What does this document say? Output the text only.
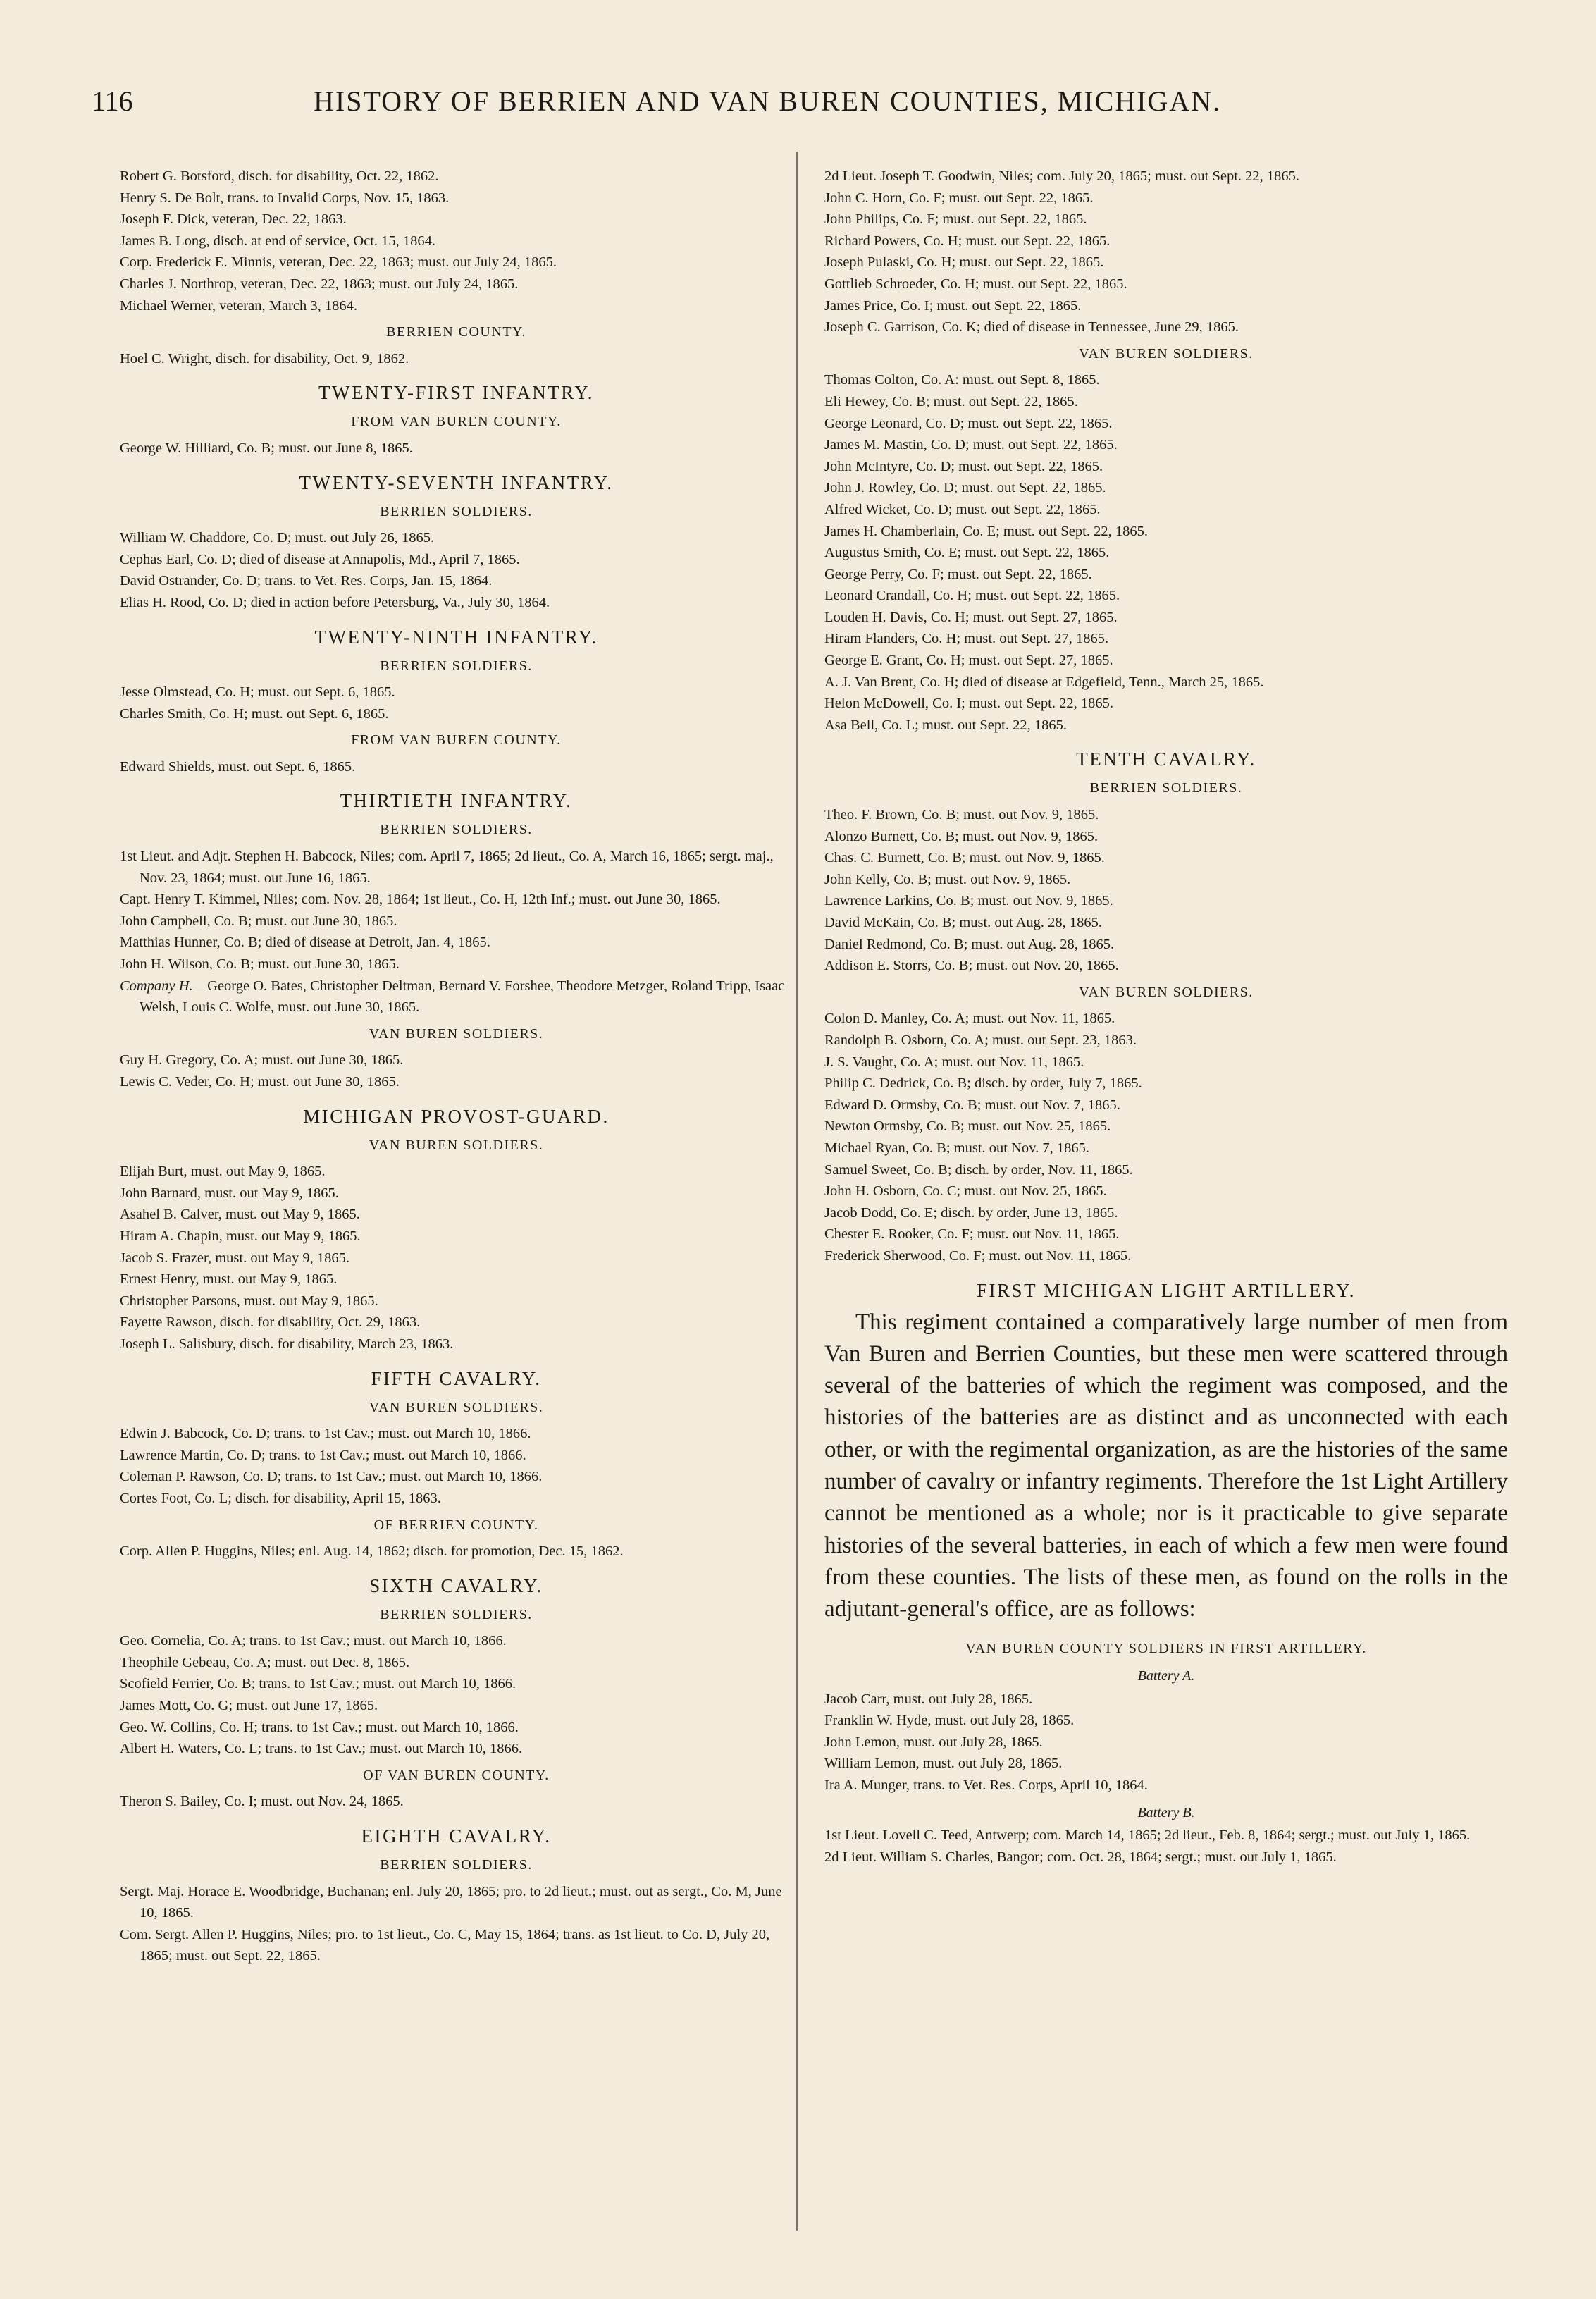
116	HISTORY OF BERRIEN AND VAN BUREN COUNTIES, MICHIGAN.

Robert G. Botsford, disch. for disability, Oct. 22, 1862.

Henry S. De Bolt, trans. to Invalid Corps, Nov. 15, 1863.

Joseph F. Dick, veteran, Dec. 22, 1863.

James B. Long, disch. at end of service, Oct. 15, 1864.

Corp. Frederick E. Minnis, veteran, Dec. 22, 1863; must. out July 24, 1865.

Charles J. Northrop, veteran, Dec. 22, 1863; must. out July 24, 1865.

Michael Werner, veteran, March 3, 1864.

BERRIEN COUNTY.

Hoel C. Wright, disch. for disability, Oct. 9, 1862.

TWENTY-FIRST INFANTRY.
FROM VAN BUREN COUNTY.

George W. Hilliard, Co. B; must. out June 8, 1865.

TWENTY-SEVENTH INFANTRY.
BERRIEN SOLDIERS.

William W. Chaddore, Co. D; must. out July 26, 1865.

Cephas Earl, Co. D; died of disease at Annapolis, Md., April 7, 1865.

David Ostrander, Co. D; trans. to Vet. Res. Corps, Jan. 15, 1864.

Elias H. Rood, Co. D; died in action before Petersburg, Va., July 30, 1864.

TWENTY-NINTH INFANTRY.
BERRIEN SOLDIERS.

Jesse Olmstead, Co. H; must. out Sept. 6, 1865.

Charles Smith, Co. H; must. out Sept. 6, 1865.

FROM VAN BUREN COUNTY.

Edward Shields, must. out Sept. 6, 1865.

THIRTIETH INFANTRY.
BERRIEN SOLDIERS.

1st Lieut. and Adjt. Stephen H. Babcock, Niles; com. April 7, 1865; 2d lieut., Co. A, March 16, 1865; sergt. maj., Nov. 23, 1864; must. out June 16, 1865.

Capt. Henry T. Kimmel, Niles; com. Nov. 28, 1864; 1st lieut., Co. H, 12th Inf.; must. out June 30, 1865.

John Campbell, Co. B; must. out June 30, 1865.

Matthias Hunner, Co. B; died of disease at Detroit, Jan. 4, 1865.

John H. Wilson, Co. B; must. out June 30, 1865.

Company H.—George O. Bates, Christopher Deltman, Bernard V. Forshee, Theodore Metzger, Roland Tripp, Isaac Welsh, Louis C. Wolfe, must. out June 30, 1865.

VAN BUREN SOLDIERS.

Guy H. Gregory, Co. A; must. out June 30, 1865.

Lewis C. Veder, Co. H; must. out June 30, 1865.

MICHIGAN PROVOST-GUARD.
VAN BUREN SOLDIERS.

Elijah Burt, must. out May 9, 1865.

John Barnard, must. out May 9, 1865.

Asahel B. Calver, must. out May 9, 1865.

Hiram A. Chapin, must. out May 9, 1865.

Jacob S. Frazer, must. out May 9, 1865.

Ernest Henry, must. out May 9, 1865.

Christopher Parsons, must. out May 9, 1865.

Fayette Rawson, disch. for disability, Oct. 29, 1863.

Joseph L. Salisbury, disch. for disability, March 23, 1863.

FIFTH CAVALRY.
VAN BUREN SOLDIERS.

Edwin J. Babcock, Co. D; trans. to 1st Cav.; must. out March 10, 1866.

Lawrence Martin, Co. D; trans. to 1st Cav.; must. out March 10, 1866.

Coleman P. Rawson, Co. D; trans. to 1st Cav.; must. out March 10, 1866.

Cortes Foot, Co. L; disch. for disability, April 15, 1863.

OF BERRIEN COUNTY.

Corp. Allen P. Huggins, Niles; enl. Aug. 14, 1862; disch. for promotion, Dec. 15, 1862.

SIXTH CAVALRY.
BERRIEN SOLDIERS.

Geo. Cornelia, Co. A; trans. to 1st Cav.; must. out March 10, 1866.

Theophile Gebeau, Co. A; must. out Dec. 8, 1865.

Scofield Ferrier, Co. B; trans. to 1st Cav.; must. out March 10, 1866.

James Mott, Co. G; must. out June 17, 1865.

Geo. W. Collins, Co. H; trans. to 1st Cav.; must. out March 10, 1866.

Albert H. Waters, Co. L; trans. to 1st Cav.; must. out March 10, 1866.

OF VAN BUREN COUNTY.

Theron S. Bailey, Co. I; must. out Nov. 24, 1865.

EIGHTH CAVALRY.
BERRIEN SOLDIERS.

Sergt. Maj. Horace E. Woodbridge, Buchanan; enl. July 20, 1865; pro. to 2d lieut.; must. out as sergt., Co. M, June 10, 1865.

Com. Sergt. Allen P. Huggins, Niles; pro. to 1st lieut., Co. C, May 15, 1864; trans. as 1st lieut. to Co. D, July 20, 1865; must. out Sept. 22, 1865.

2d Lieut. Joseph T. Goodwin, Niles; com. July 20, 1865; must. out Sept. 22, 1865.

John C. Horn, Co. F; must. out Sept. 22, 1865.

John Philips, Co. F; must. out Sept. 22, 1865.

Richard Powers, Co. H; must. out Sept. 22, 1865.

Joseph Pulaski, Co. H; must. out Sept. 22, 1865.

Gottlieb Schroeder, Co. H; must. out Sept. 22, 1865.

James Price, Co. I; must. out Sept. 22, 1865.

Joseph C. Garrison, Co. K; died of disease in Tennessee, June 29, 1865.

VAN BUREN SOLDIERS.

Thomas Colton, Co. A: must. out Sept. 8, 1865.

Eli Hewey, Co. B; must. out Sept. 22, 1865.

George Leonard, Co. D; must. out Sept. 22, 1865.

James M. Mastin, Co. D; must. out Sept. 22, 1865.

John McIntyre, Co. D; must. out Sept. 22, 1865.

John J. Rowley, Co. D; must. out Sept. 22, 1865.

Alfred Wicket, Co. D; must. out Sept. 22, 1865.

James H. Chamberlain, Co. E; must. out Sept. 22, 1865.

Augustus Smith, Co. E; must. out Sept. 22, 1865.

George Perry, Co. F; must. out Sept. 22, 1865.

Leonard Crandall, Co. H; must. out Sept. 22, 1865.

Louden H. Davis, Co. H; must. out Sept. 27, 1865.

Hiram Flanders, Co. H; must. out Sept. 27, 1865.

George E. Grant, Co. H; must. out Sept. 27, 1865.

A. J. Van Brent, Co. H; died of disease at Edgefield, Tenn., March 25, 1865.

Helon McDowell, Co. I; must. out Sept. 22, 1865.

Asa Bell, Co. L; must. out Sept. 22, 1865.

TENTH CAVALRY.
BERRIEN SOLDIERS.

Theo. F. Brown, Co. B; must. out Nov. 9, 1865.

Alonzo Burnett, Co. B; must. out Nov. 9, 1865.

Chas. C. Burnett, Co. B; must. out Nov. 9, 1865.

John Kelly, Co. B; must. out Nov. 9, 1865.

Lawrence Larkins, Co. B; must. out Nov. 9, 1865.

David McKain, Co. B; must. out Aug. 28, 1865.

Daniel Redmond, Co. B; must. out Aug. 28, 1865.

Addison E. Storrs, Co. B; must. out Nov. 20, 1865.

VAN BUREN SOLDIERS.

Colon D. Manley, Co. A; must. out Nov. 11, 1865.

Randolph B. Osborn, Co. A; must. out Sept. 23, 1863.

J. S. Vaught, Co. A; must. out Nov. 11, 1865.

Philip C. Dedrick, Co. B; disch. by order, July 7, 1865.

Edward D. Ormsby, Co. B; must. out Nov. 7, 1865.

Newton Ormsby, Co. B; must. out Nov. 25, 1865.

Michael Ryan, Co. B; must. out Nov. 7, 1865.

Samuel Sweet, Co. B; disch. by order, Nov. 11, 1865.

John H. Osborn, Co. C; must. out Nov. 25, 1865.

Jacob Dodd, Co. E; disch. by order, June 13, 1865.

Chester E. Rooker, Co. F; must. out Nov. 11, 1865.

Frederick Sherwood, Co. F; must. out Nov. 11, 1865.

FIRST MICHIGAN LIGHT ARTILLERY.

This regiment contained a comparatively large number of men from Van Buren and Berrien Counties, but these men were scattered through several of the batteries of which the regiment was composed, and the histories of the batteries are as distinct and as unconnected with each other, or with the regimental organization, as are the histories of the same number of cavalry or infantry regiments. Therefore the 1st Light Artillery cannot be mentioned as a whole; nor is it practicable to give separate histories of the several batteries, in each of which a few men were found from these counties. The lists of these men, as found on the rolls in the adjutant-general's office, are as follows:

VAN BUREN COUNTY SOLDIERS IN FIRST ARTILLERY.
Battery A.

Jacob Carr, must. out July 28, 1865.

Franklin W. Hyde, must. out July 28, 1865.

John Lemon, must. out July 28, 1865.

William Lemon, must. out July 28, 1865.

Ira A. Munger, trans. to Vet. Res. Corps, April 10, 1864.

Battery B.

1st Lieut. Lovell C. Teed, Antwerp; com. March 14, 1865; 2d lieut., Feb. 8, 1864; sergt.; must. out July 1, 1865.

2d Lieut. William S. Charles, Bangor; com. Oct. 28, 1864; sergt.; must. out July 1, 1865.
